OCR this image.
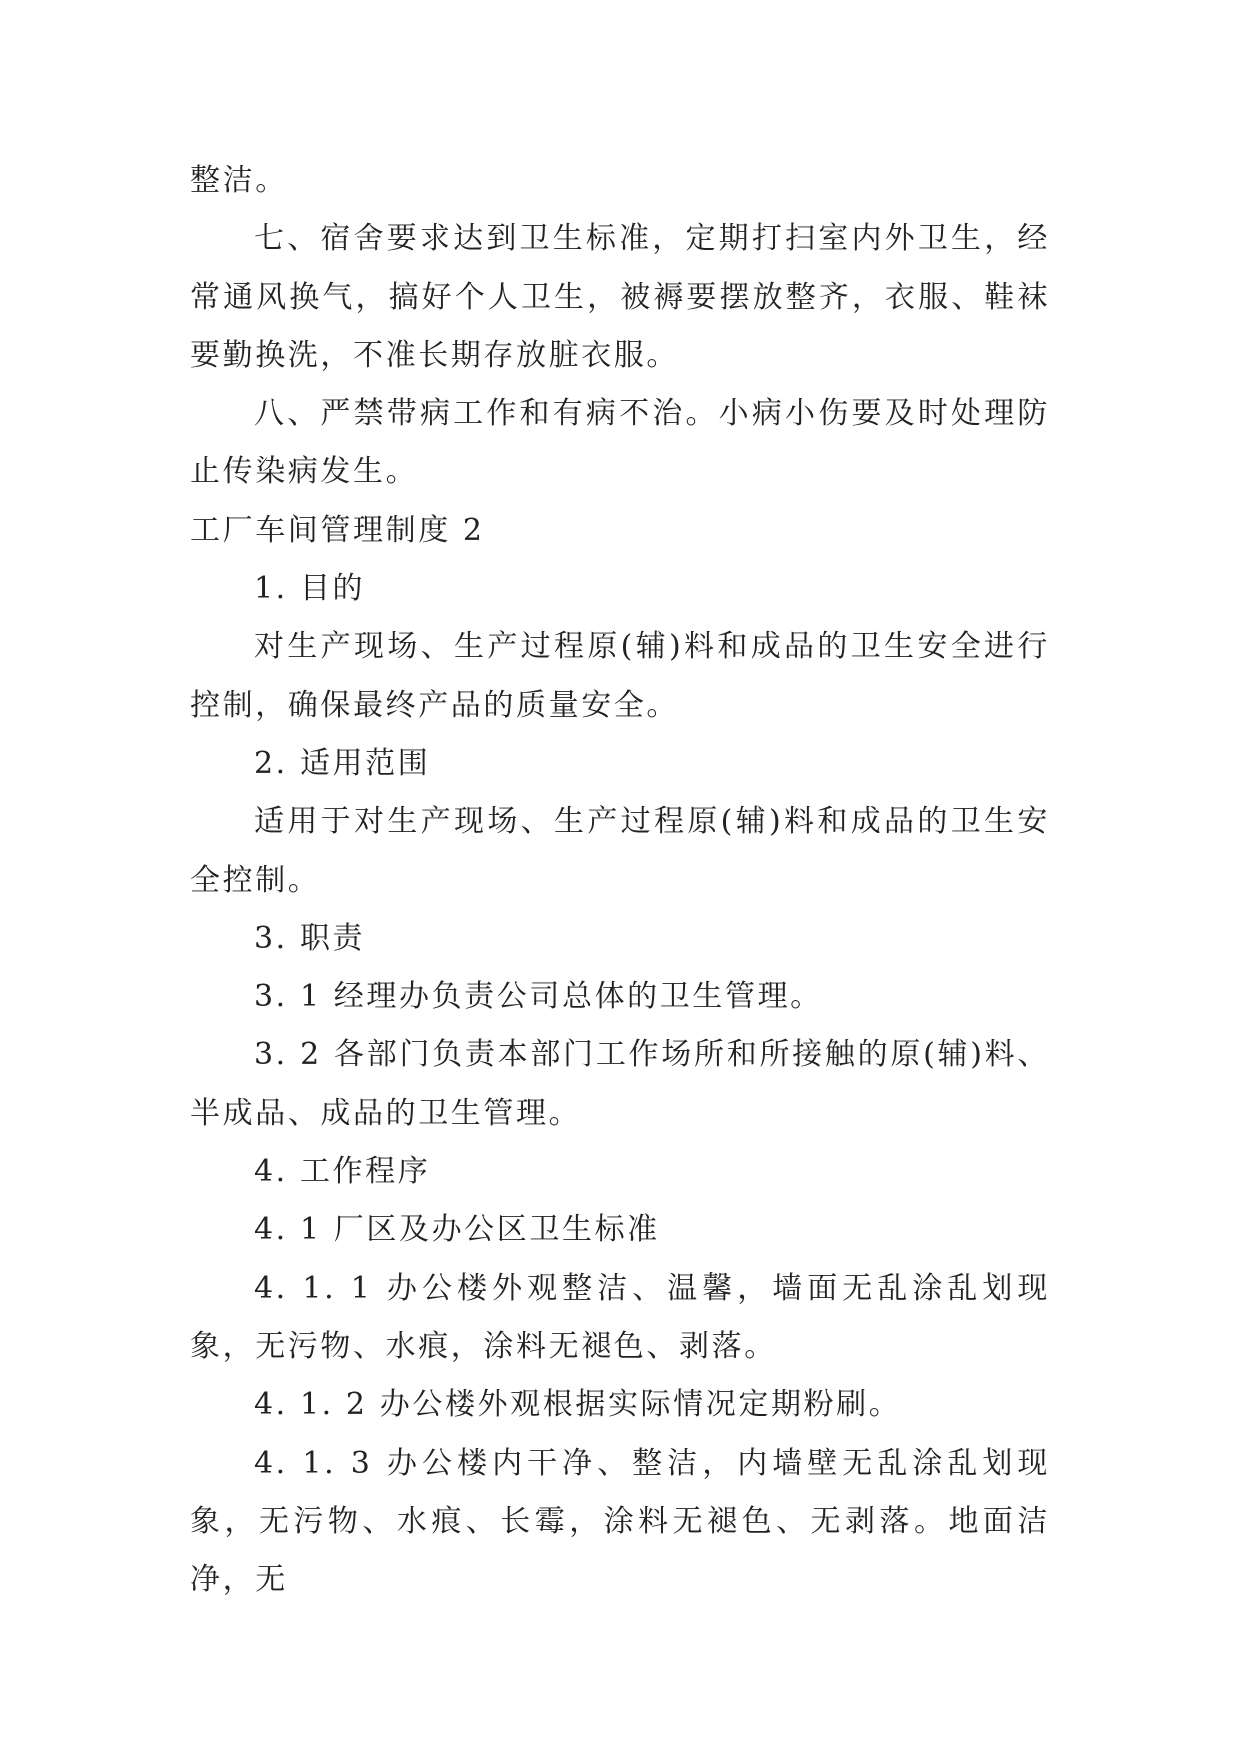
整洁。

七、宿舍要求达到卫生标准，定期打扫室内外卫生，经常通风换气，搞好个人卫生，被褥要摆放整齐，衣服、鞋袜要勤换洗，不准长期存放脏衣服。

八、严禁带病工作和有病不治。小病小伤要及时处理防止传染病发生。

工厂车间管理制度 2

1. 目的

对生产现场、生产过程原(辅)料和成品的卫生安全进行控制，确保最终产品的质量安全。

2. 适用范围

适用于对生产现场、生产过程原(辅)料和成品的卫生安全控制。

3. 职责

3. 1 经理办负责公司总体的卫生管理。

3. 2 各部门负责本部门工作场所和所接触的原(辅)料、半成品、成品的卫生管理。

4. 工作程序

4. 1 厂区及办公区卫生标准

4. 1. 1 办公楼外观整洁、温馨，墙面无乱涂乱划现象，无污物、水痕，涂料无褪色、剥落。

4. 1. 2 办公楼外观根据实际情况定期粉刷。

4. 1. 3 办公楼内干净、整洁，内墙壁无乱涂乱划现象，无污物、水痕、长霉，涂料无褪色、无剥落。地面洁净，无
